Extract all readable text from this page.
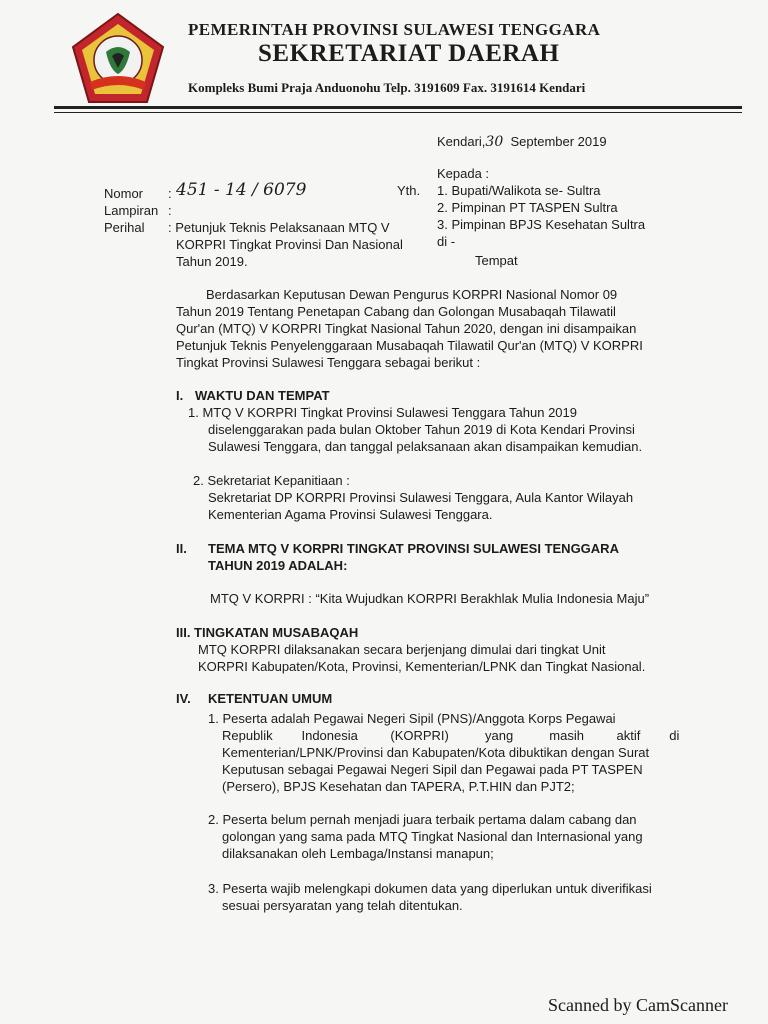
PEMERINTAH PROVINSI SULAWESI TENGGARA
SEKRETARIAT DAERAH
Kompleks Bumi Praja Anduonohu Telp. 3191609 Fax. 3191614 Kendari
Kendari,30 September 2019
Kepada :
Yth. 1. Bupati/Walikota se- Sultra
2. Pimpinan PT TASPEN Sultra
3. Pimpinan BPJS Kesehatan Sultra
di -
Tempat
Nomor : 451 - 14 / 6079
Lampiran :
Perihal : Petunjuk Teknis Pelaksanaan MTQ V
KORPRI Tingkat Provinsi Dan Nasional
Tahun 2019.
Berdasarkan Keputusan Dewan Pengurus KORPRI Nasional Nomor 09
Tahun 2019 Tentang Penetapan Cabang dan Golongan Musabaqah Tilawatil
Qur'an (MTQ) V KORPRI Tingkat Nasional Tahun 2020, dengan ini disampaikan
Petunjuk Teknis Penyelenggaraan Musabaqah Tilawatil Qur'an (MTQ) V KORPRI
Tingkat Provinsi Sulawesi Tenggara sebagai berikut :
I. WAKTU DAN TEMPAT
1. MTQ V KORPRI Tingkat Provinsi Sulawesi Tenggara Tahun 2019
diselenggarakan pada bulan Oktober Tahun 2019 di Kota Kendari Provinsi
Sulawesi Tenggara, dan tanggal pelaksanaan akan disampaikan kemudian.
2. Sekretariat Kepanitiaan :
Sekretariat DP KORPRI Provinsi Sulawesi Tenggara, Aula Kantor Wilayah
Kementerian Agama Provinsi Sulawesi Tenggara.
II. TEMA MTQ V KORPRI TINGKAT PROVINSI SULAWESI TENGGARA
TAHUN 2019 ADALAH:
MTQ V KORPRI : “Kita Wujudkan KORPRI Berakhlak Mulia Indonesia Maju”
III. TINGKATAN MUSABAQAH
MTQ KORPRI dilaksanakan secara berjenjang dimulai dari tingkat Unit
KORPRI Kabupaten/Kota, Provinsi, Kementerian/LPNK dan Tingkat Nasional.
IV. KETENTUAN UMUM
1. Peserta adalah Pegawai Negeri Sipil (PNS)/Anggota Korps Pegawai
Republik        Indonesia         (KORPRI)          yang          masih         aktif        di
Kementerian/LPNK/Provinsi dan Kabupaten/Kota dibuktikan dengan Surat
Keputusan sebagai Pegawai Negeri Sipil dan Pegawai pada PT TASPEN
(Persero), BPJS Kesehatan dan TAPERA, P.T.HIN dan PJT2;
2. Peserta belum pernah menjadi juara terbaik pertama dalam cabang dan
golongan yang sama pada MTQ Tingkat Nasional dan Internasional yang
dilaksanakan oleh Lembaga/Instansi manapun;
3. Peserta wajib melengkapi dokumen data yang diperlukan untuk diverifikasi
sesuai persyaratan yang telah ditentukan.
Scanned by CamScanner
